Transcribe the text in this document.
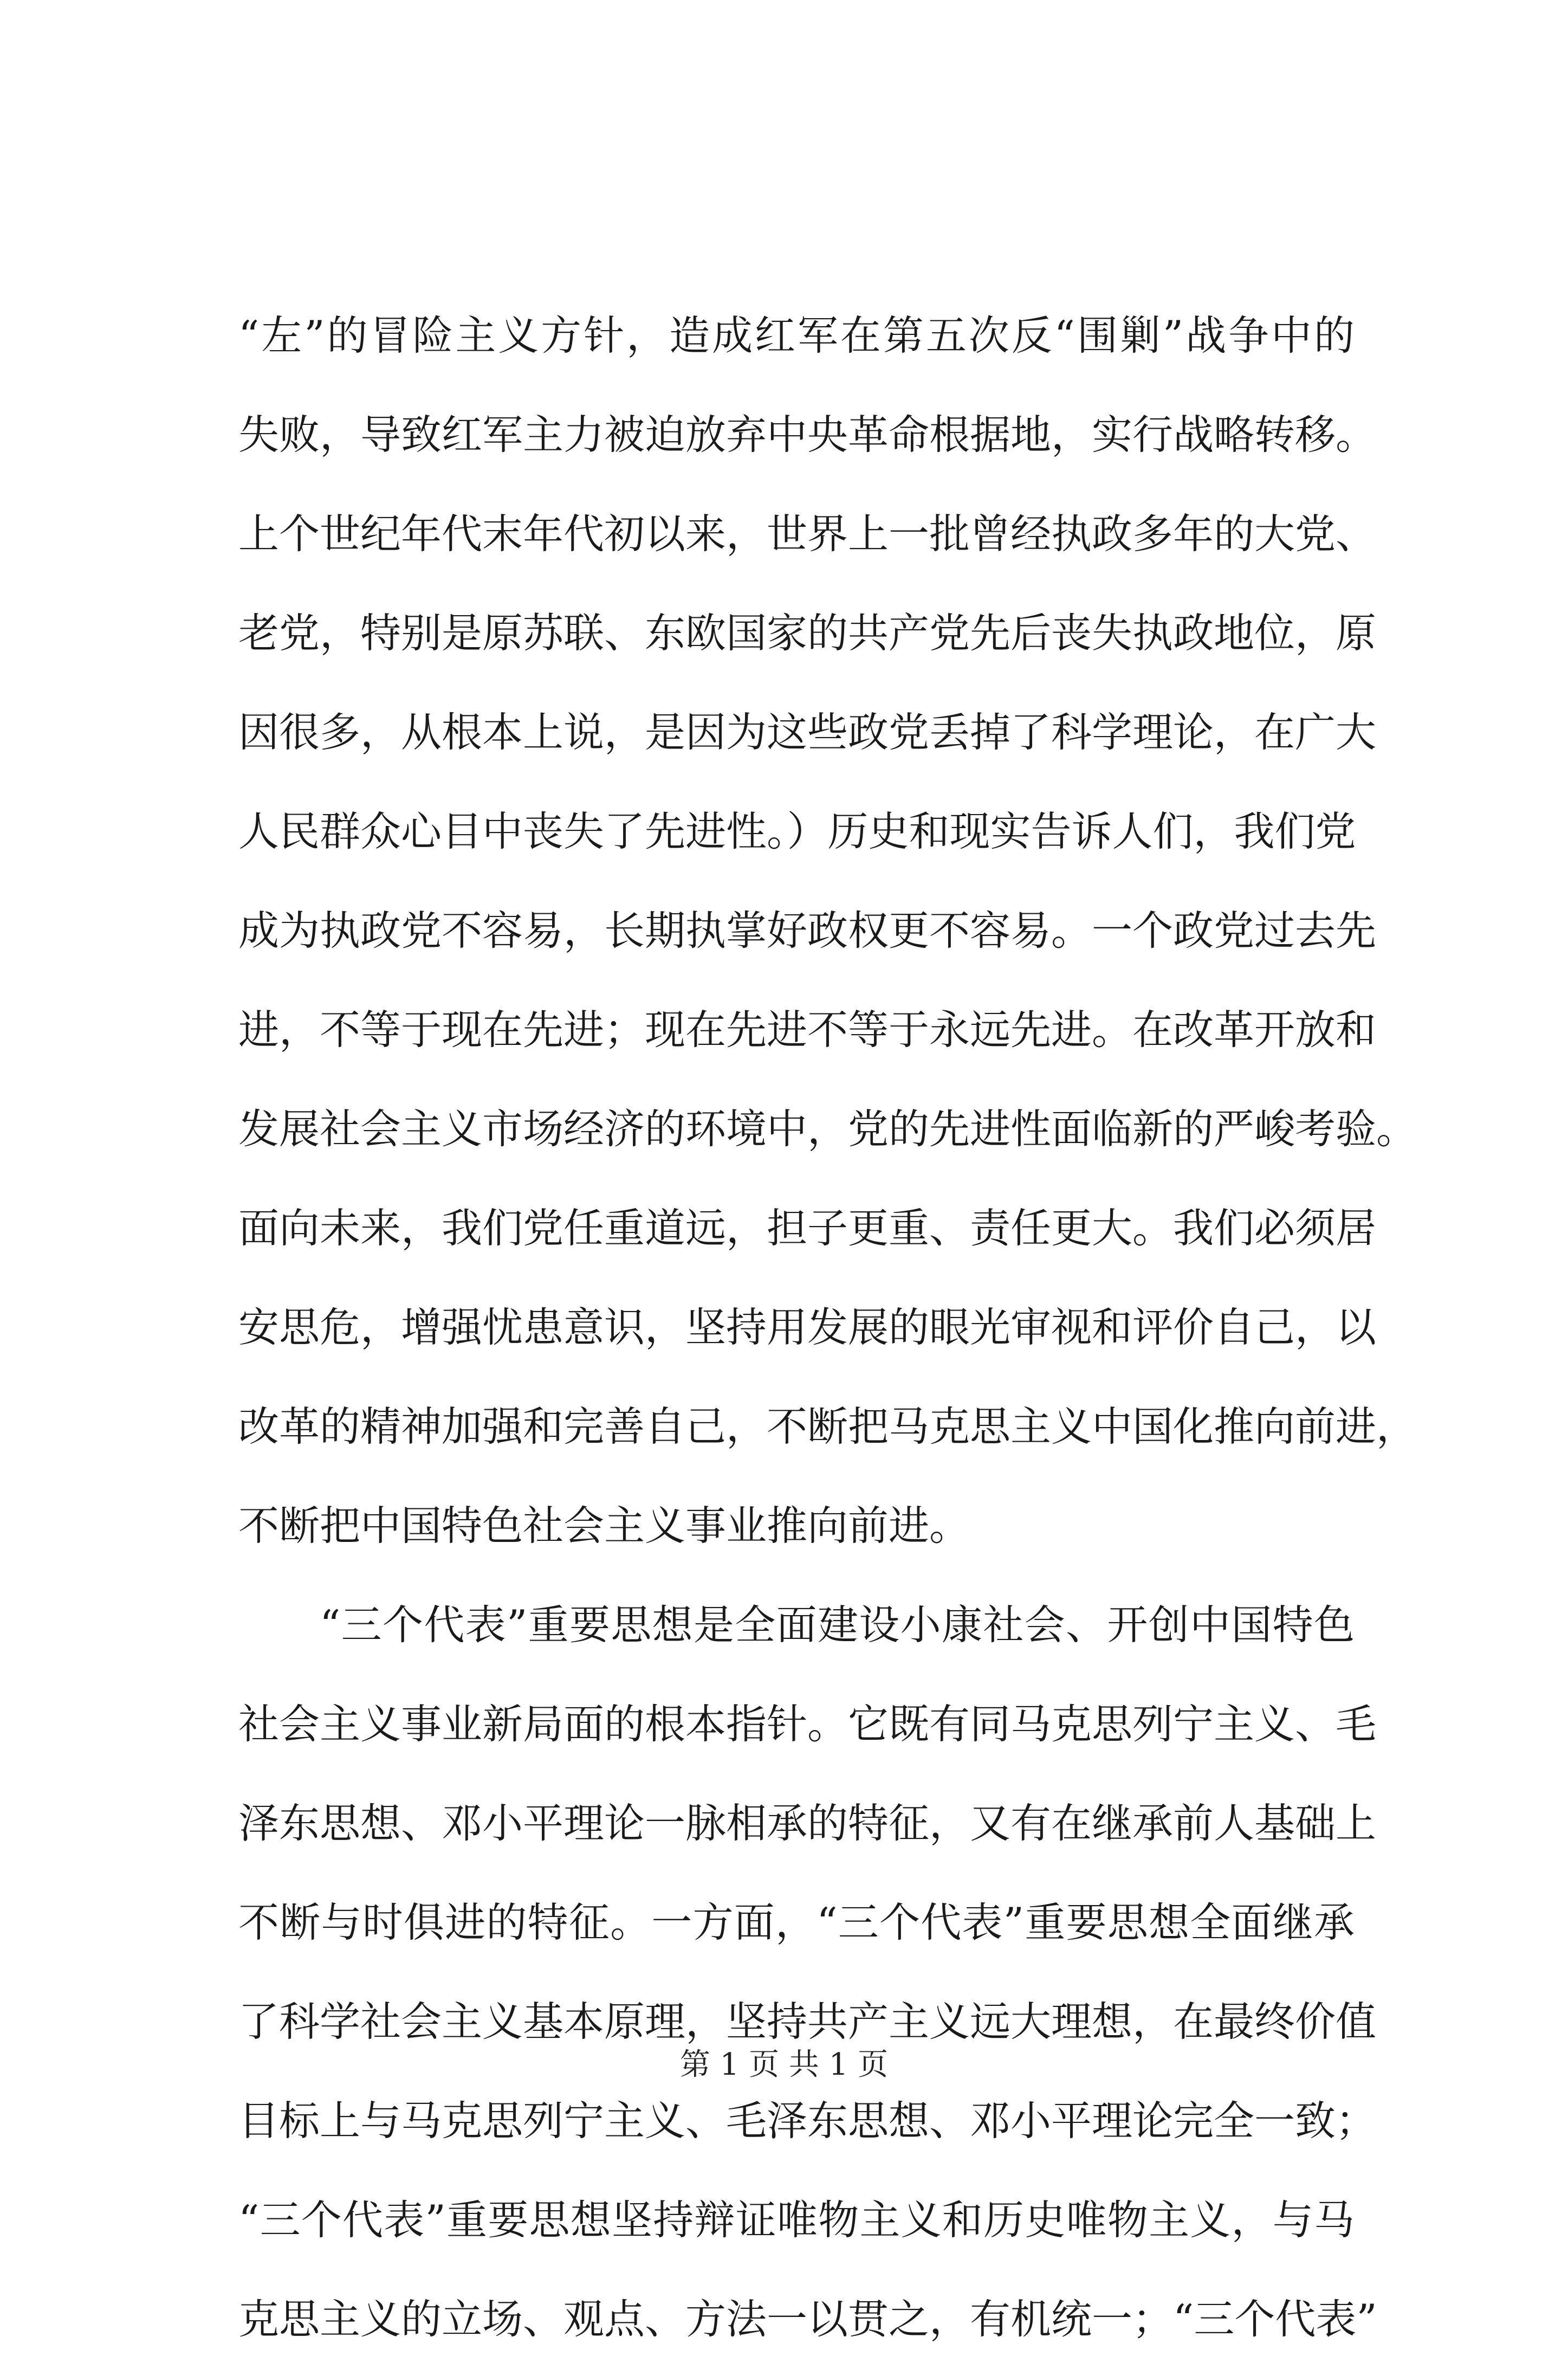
“左”的冒险主义方针，造成红军在第五次反“围剿”战争中的
失败，导致红军主力被迫放弃中央革命根据地，实行战略转移。
上个世纪年代末年代初以来，世界上一批曾经执政多年的大党、
老党，特别是原苏联、东欧国家的共产党先后丧失执政地位，原
因很多，从根本上说，是因为这些政党丢掉了科学理论，在广大
人民群众心目中丧失了先进性。）历史和现实告诉人们，我们党
成为执政党不容易，长期执掌好政权更不容易。一个政党过去先
进，不等于现在先进；现在先进不等于永远先进。在改革开放和
发展社会主义市场经济的环境中，党的先进性面临新的严峻考验。
面向未来，我们党任重道远，担子更重、责任更大。我们必须居
安思危，增强忧患意识，坚持用发展的眼光审视和评价自己，以
改革的精神加强和完善自己，不断把马克思主义中国化推向前进，
不断把中国特色社会主义事业推向前进。
“三个代表”重要思想是全面建设小康社会、开创中国特色
社会主义事业新局面的根本指针。它既有同马克思列宁主义、毛
泽东思想、邓小平理论一脉相承的特征，又有在继承前人基础上
不断与时俱进的特征。一方面，“三个代表”重要思想全面继承
了科学社会主义基本原理，坚持共产主义远大理想，在最终价值
目标上与马克思列宁主义、毛泽东思想、邓小平理论完全一致；
“三个代表”重要思想坚持辩证唯物主义和历史唯物主义，与马
克思主义的立场、观点、方法一以贯之，有机统一；“三个代表”
第 1 页 共 1 页
